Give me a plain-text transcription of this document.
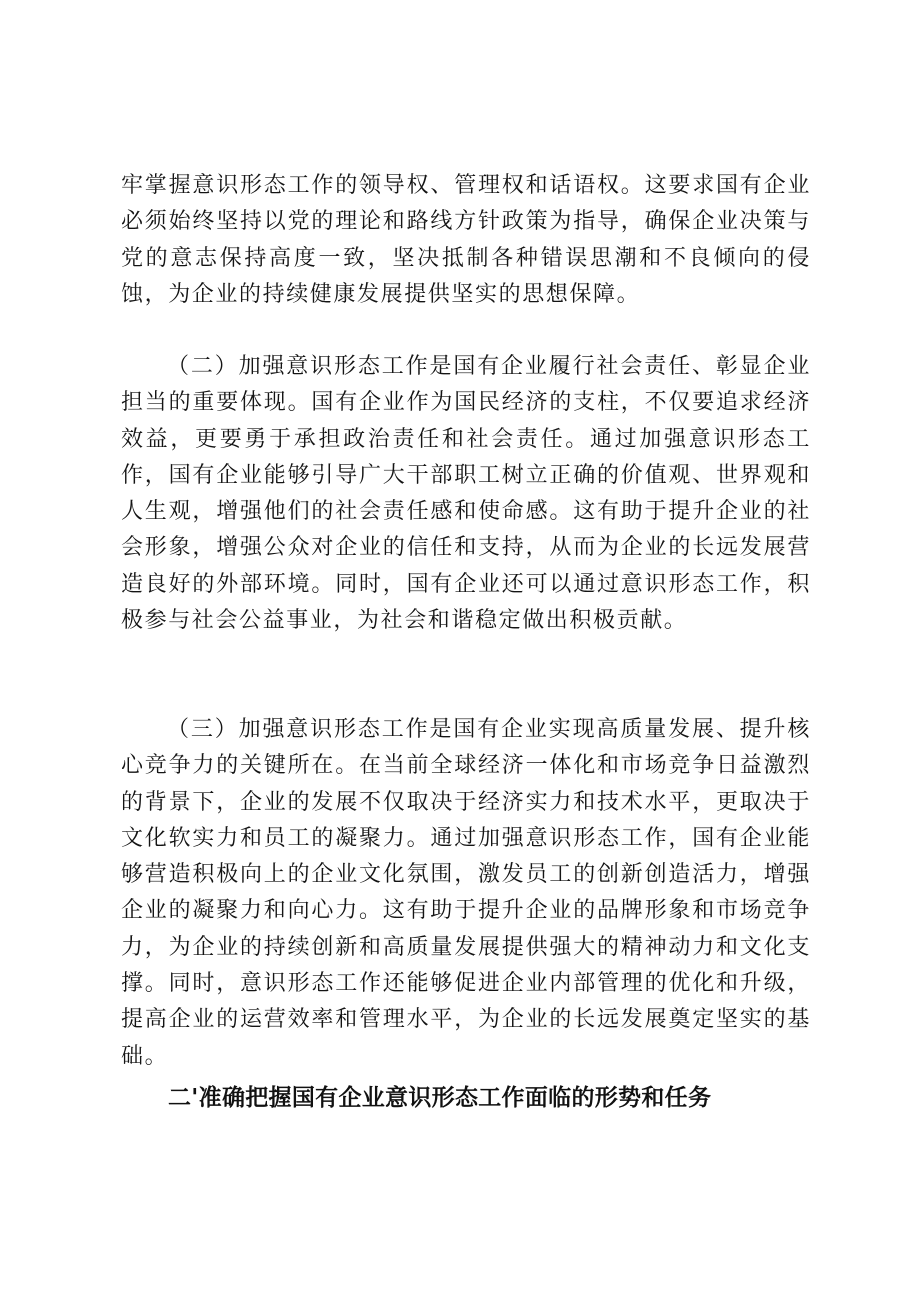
牢掌握意识形态工作的领导权、管理权和话语权。这要求国有企业必须始终坚持以党的理论和路线方针政策为指导，确保企业决策与党的意志保持高度一致，坚决抵制各种错误思潮和不良倾向的侵蚀，为企业的持续健康发展提供坚实的思想保障。

（二）加强意识形态工作是国有企业履行社会责任、彰显企业担当的重要体现。国有企业作为国民经济的支柱，不仅要追求经济效益，更要勇于承担政治责任和社会责任。通过加强意识形态工作，国有企业能够引导广大干部职工树立正确的价值观、世界观和人生观，增强他们的社会责任感和使命感。这有助于提升企业的社会形象，增强公众对企业的信任和支持，从而为企业的长远发展营造良好的外部环境。同时，国有企业还可以通过意识形态工作，积极参与社会公益事业，为社会和谐稳定做出积极贡献。

（三）加强意识形态工作是国有企业实现高质量发展、提升核心竞争力的关键所在。在当前全球经济一体化和市场竞争日益激烈的背景下，企业的发展不仅取决于经济实力和技术水平，更取决于文化软实力和员工的凝聚力。通过加强意识形态工作，国有企业能够营造积极向上的企业文化氛围，激发员工的创新创造活力，增强企业的凝聚力和向心力。这有助于提升企业的品牌形象和市场竞争力，为企业的持续创新和高质量发展提供强大的精神动力和文化支撑。同时，意识形态工作还能够促进企业内部管理的优化和升级，提高企业的运营效率和管理水平，为企业的长远发展奠定坚实的基础。

二'准确把握国有企业意识形态工作面临的形势和任务
